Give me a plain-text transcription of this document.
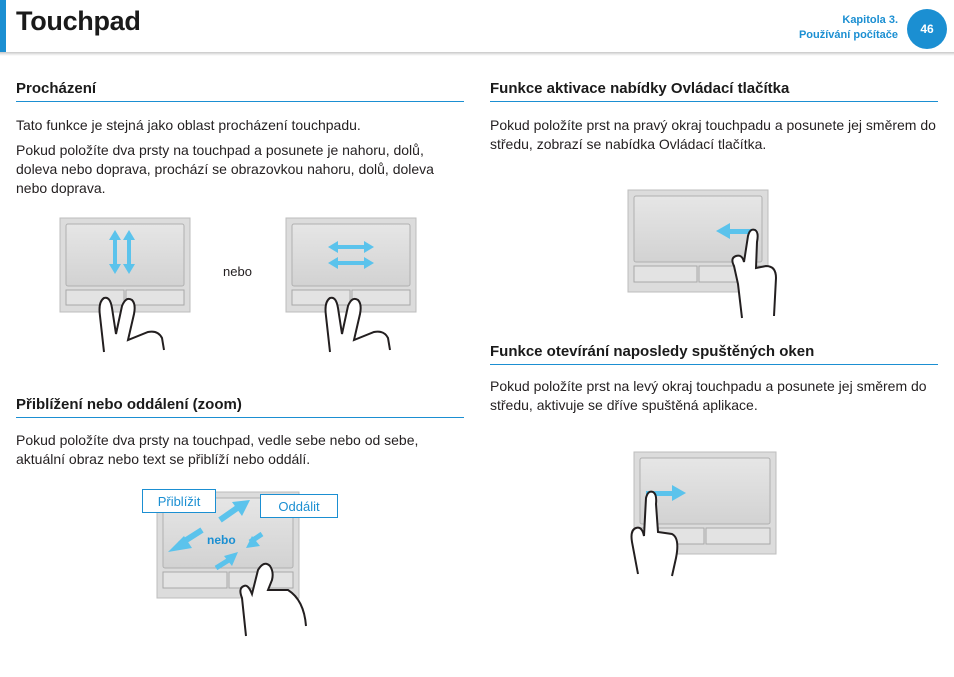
Touchpad	Kapitola 3.
Používání počítače	46
Procházení
Tato funkce je stejná jako oblast procházení touchpadu.
Pokud položíte dva prsty na touchpad a posunete je nahoru, dolů, doleva nebo doprava, prochází se obrazovkou nahoru, dolů, doleva nebo doprava.
nebo
Přiblížení nebo oddálení (zoom)
Pokud položíte dva prsty na touchpad, vedle sebe nebo od sebe, aktuální obraz nebo text se přiblíží nebo oddálí.
Přiblížit	Oddálit
nebo
Funkce aktivace nabídky Ovládací tlačítka
Pokud položíte prst na pravý okraj touchpadu a posunete jej směrem do středu, zobrazí se nabídka Ovládací tlačítka.
Funkce otevírání naposledy spuštěných oken
Pokud položíte prst na levý okraj touchpadu a posunete jej směrem do středu, aktivuje se dříve spuštěná aplikace.
